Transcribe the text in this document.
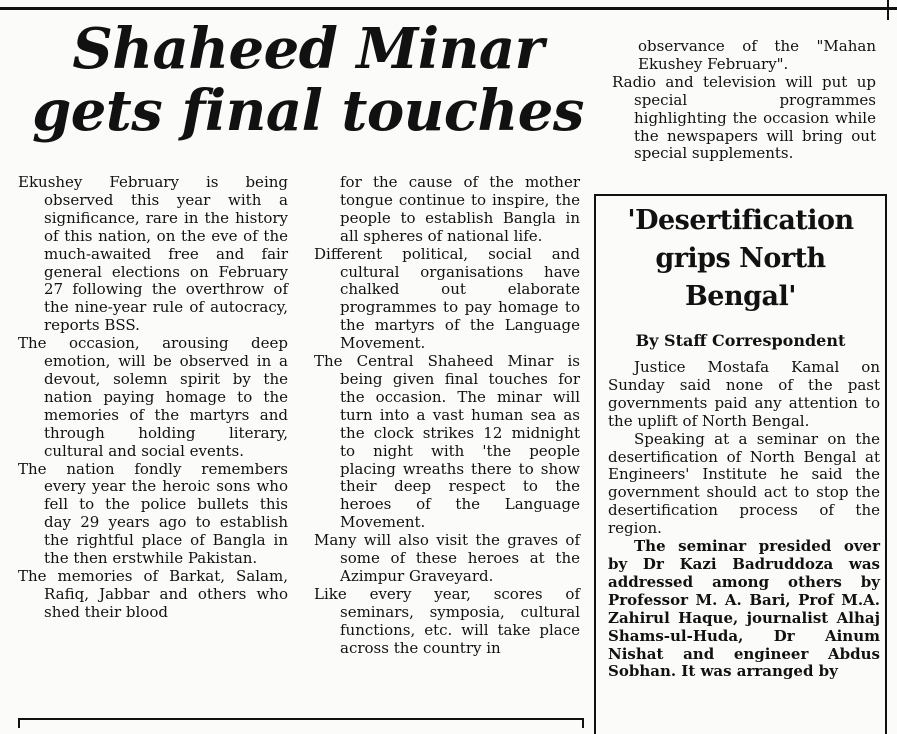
Shaheed Minar
gets final touches

Ekushey February is being observed this year with a significance, rare in the history of this nation, on the eve of the much-awaited free and fair general elections on February 27 following the overthrow of the nine-year rule of autocracy, reports BSS.

The occasion, arousing deep emotion, will be observed in a devout, solemn spirit by the nation paying homage to the memories of the martyrs and through holding literary, cultural and social events.

The nation fondly remembers every year the heroic sons who fell to the police bullets this day 29 years ago to establish the rightful place of Bangla in the then erstwhile Pakistan.

The memories of Barkat, Salam, Rafiq, Jabbar and others who shed their blood

for the cause of the mother tongue continue to inspire, the people to establish Bangla in all spheres of national life.

Different political, social and cultural organisations have chalked out elaborate programmes to pay homage to the martyrs of the Language Movement.

The Central Shaheed Minar is being given final touches for the occasion. The minar will turn into a vast human sea as the clock strikes 12 midnight to night with 'the people placing wreaths there to show their deep respect to the heroes of the Language Movement.

Many will also visit the graves of some of these heroes at the Azimpur Graveyard.

Like every year, scores of seminars, symposia, cultural functions, etc. will take place across the country in

observance of the "Mahan Ekushey February".

Radio and television will put up special programmes highlighting the occasion while the newspapers will bring out special supplements.

'Desertification grips North Bengal'
By Staff Correspondent

Justice Mostafa Kamal on Sunday said none of the past governments paid any attention to the uplift of North Bengal.

Speaking at a seminar on the desertification of North Bengal at Engineers' Institute he said the government should act to stop the desertification process of the region.

The seminar presided over by Dr Kazi Badruddoza was addressed among others by Professor M. A. Bari, Prof M.A. Zahirul Haque, journalist Alhaj Shams-ul-Huda, Dr Ainum Nishat and engineer Abdus Sobhan. It was arranged by
